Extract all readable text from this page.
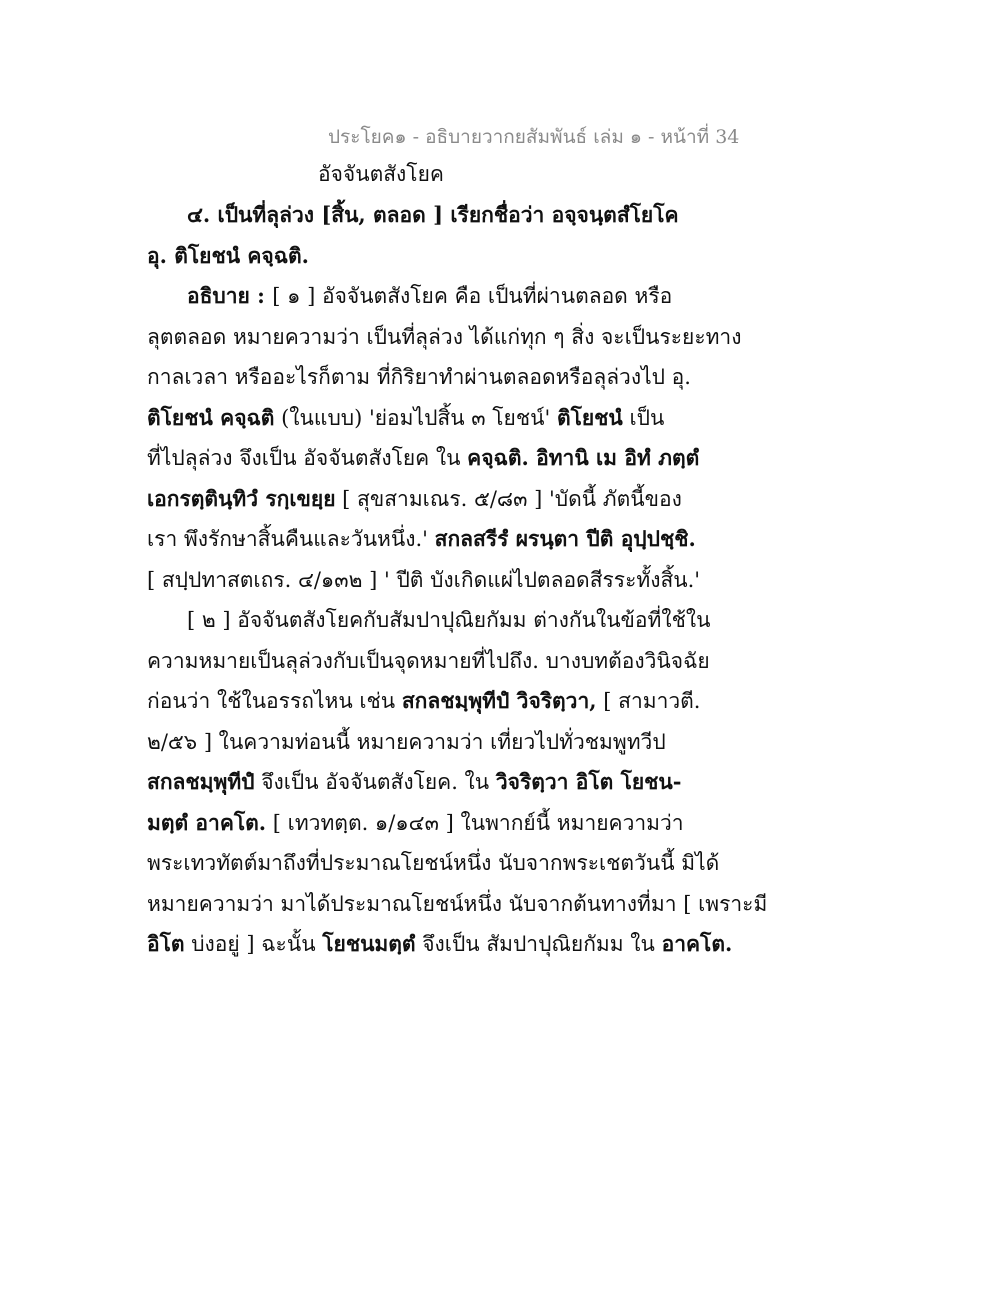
ประโยค๑ - อธิบายวากยสัมพันธ์ เล่ม ๑ - หน้าที่ 34
อัจจันตสังโยค
๔. เป็นที่ลุล่วง [สิ้น, ตลอด ] เรียกชื่อว่า อจฺจนฺตสํโยโค
อุ. ติโยชนํ คจฺฉติ.
อธิบาย : [ ๑ ] อัจจันตสังโยค คือ เป็นที่ผ่านตลอด หรือ
ลุตตลอด หมายความว่า เป็นที่ลุล่วง ได้แก่ทุก ๆ สิ่ง จะเป็นระยะทาง
กาลเวลา หรืออะไรก็ตาม ที่กิริยาทำผ่านตลอดหรือลุล่วงไป อุ.
ติโยชนํ คจฺฉติ (ในแบบ) 'ย่อมไปสิ้น ๓ โยชน์' ติโยชนํ เป็น
ที่ไปลุล่วง จึงเป็น อัจจันตสังโยค ใน คจฺฉติ. อิทานิ เม อิทํ ภตฺตํ
เอกรตฺตินฺทิวํ รกฺเขยฺย [ สุขสามเณร. ๕/๘๓ ] 'บัดนี้ ภัตนี้ของ
เรา พึงรักษาสิ้นคืนและวันหนึ่ง.' สกลสรีรํ ผรนฺตา ปีติ อุปฺปชฺชิ.
[ สปฺปทาสตเถร. ๔/๑๓๒ ] ' ปีติ บังเกิดแผ่ไปตลอดสีรระทั้งสิ้น.'
[ ๒ ] อัจจันตสังโยคกับสัมปาปุณิยกัมม ต่างกันในข้อที่ใช้ใน
ความหมายเป็นลุล่วงกับเป็นจุดหมายที่ไปถึง. บางบทต้องวินิจฉัย
ก่อนว่า ใช้ในอรรถไหน เช่น สกลชมฺพุทีปํ วิจริตฺวา, [ สามาวตี.
๒/๕๖ ] ในความท่อนนี้ หมายความว่า เที่ยวไปทั่วชมพูทวีป
สกลชมฺพุทีปํ จึงเป็น อัจจันตสังโยค. ใน วิจริตฺวา อิโต โยชน-
มตฺตํ อาคโต. [ เทวทตฺต. ๑/๑๔๓ ] ในพากย์นี้ หมายความว่า
พระเทวทัตต์มาถึงที่ประมาณโยชน์หนึ่ง นับจากพระเชตวันนี้ มิได้
หมายความว่า มาได้ประมาณโยชน์หนึ่ง นับจากต้นทางที่มา [ เพราะมี
อิโต บ่งอยู่ ] ฉะนั้น โยชนมตฺตํ จึงเป็น สัมปาปุณิยกัมม ใน อาคโต.
